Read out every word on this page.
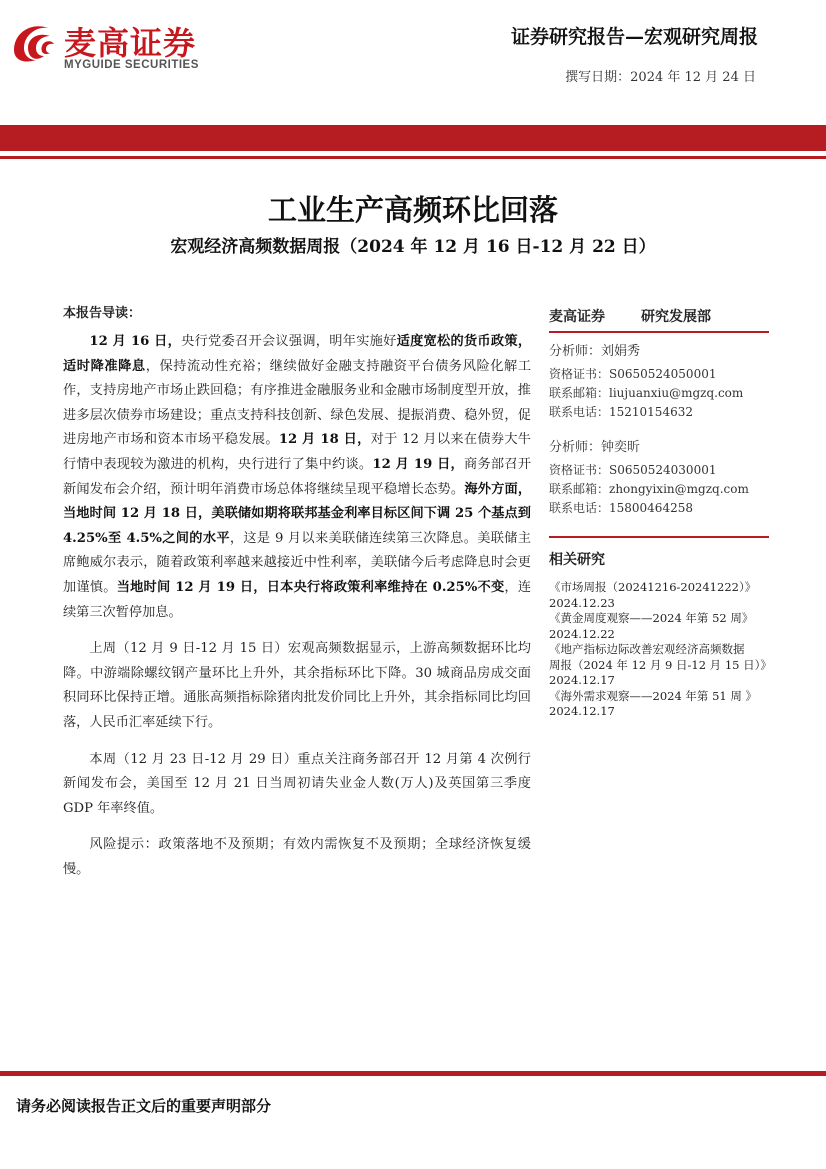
麦高证券
MYGUIDE SECURITIES
证券研究报告—宏观研究周报
撰写日期：2024 年 12 月 24 日
工业生产高频环比回落
宏观经济高频数据周报（2024 年 12 月 16 日-12 月 22 日）
本报告导读：

12 月 16 日，央行党委召开会议强调，明年实施好适度宽松的货币政策，适时降准降息，保持流动性充裕；继续做好金融支持融资平台债务风险化解工作，支持房地产市场止跌回稳；有序推进金融服务业和金融市场制度型开放，推进多层次债券市场建设；重点支持科技创新、绿色发展、提振消费、稳外贸，促进房地产市场和资本市场平稳发展。12 月 18 日，对于 12 月以来在债券大牛行情中表现较为激进的机构，央行进行了集中约谈。12 月 19 日，商务部召开新闻发布会介绍，预计明年消费市场总体将继续呈现平稳增长态势。海外方面，当地时间 12 月 18 日，美联储如期将联邦基金利率目标区间下调 25 个基点到 4.25%至 4.5%之间的水平，这是 9 月以来美联储连续第三次降息。美联储主席鲍威尔表示，随着政策利率越来越接近中性利率，美联储今后考虑降息时会更加谨慎。当地时间 12 月 19 日，日本央行将政策利率维持在 0.25%不变，连续第三次暂停加息。

上周（12 月 9 日-12 月 15 日）宏观高频数据显示，上游高频数据环比均降。中游端除螺纹钢产量环比上升外，其余指标环比下降。30 城商品房成交面积同环比保持正增。通胀高频指标除猪肉批发价同比上升外，其余指标同比均回落，人民币汇率延续下行。

本周（12 月 23 日-12 月 29 日）重点关注商务部召开 12 月第 4 次例行新闻发布会，美国至 12 月 21 日当周初请失业金人数(万人)及英国第三季度 GDP 年率终值。

风险提示：政策落地不及预期；有效内需恢复不及预期；全球经济恢复缓慢。

麦高证券	研究发展部
分析师：刘娟秀
资格证书：S0650524050001
联系邮箱：liujuanxiu@mgzq.com
联系电话：15210154632
分析师：钟奕昕
资格证书：S0650524030001
联系邮箱：zhongyixin@mgzq.com
联系电话：15800464258
相关研究
《市场周报（20241216-20241222）》
2024.12.23
《黄金周度观察——2024 年第 52 周》
2024.12.22
《地产指标边际改善宏观经济高频数据
周报（2024 年 12 月 9 日-12 月 15 日）》
2024.12.17
《海外需求观察——2024 年第 51 周 》
2024.12.17
请务必阅读报告正文后的重要声明部分
